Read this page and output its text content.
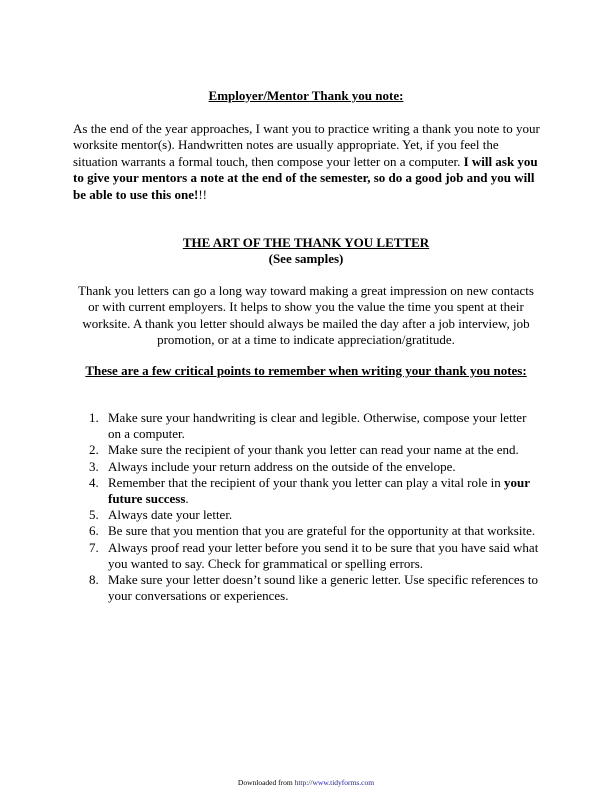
Employer/Mentor Thank you note:
As the end of the year approaches, I want you to practice writing a thank you note to your worksite mentor(s). Handwritten notes are usually appropriate. Yet, if you feel the situation warrants a formal touch, then compose your letter on a computer. I will ask you to give your mentors a note at the end of the semester, so do a good job and you will be able to use this one!!!
THE ART OF THE THANK YOU LETTER
(See samples)
Thank you letters can go a long way toward making a great impression on new contacts or with current employers. It helps to show you the value the time you spent at their worksite. A thank you letter should always be mailed the day after a job interview, job promotion, or at a time to indicate appreciation/gratitude.
These are a few critical points to remember when writing your thank you notes:
1. Make sure your handwriting is clear and legible. Otherwise, compose your letter on a computer.
2. Make sure the recipient of your thank you letter can read your name at the end.
3. Always include your return address on the outside of the envelope.
4. Remember that the recipient of your thank you letter can play a vital role in your future success.
5. Always date your letter.
6. Be sure that you mention that you are grateful for the opportunity at that worksite.
7. Always proof read your letter before you send it to be sure that you have said what you wanted to say. Check for grammatical or spelling errors.
8. Make sure your letter doesn’t sound like a generic letter. Use specific references to your conversations or experiences.
Downloaded from http://www.tidyforms.com
